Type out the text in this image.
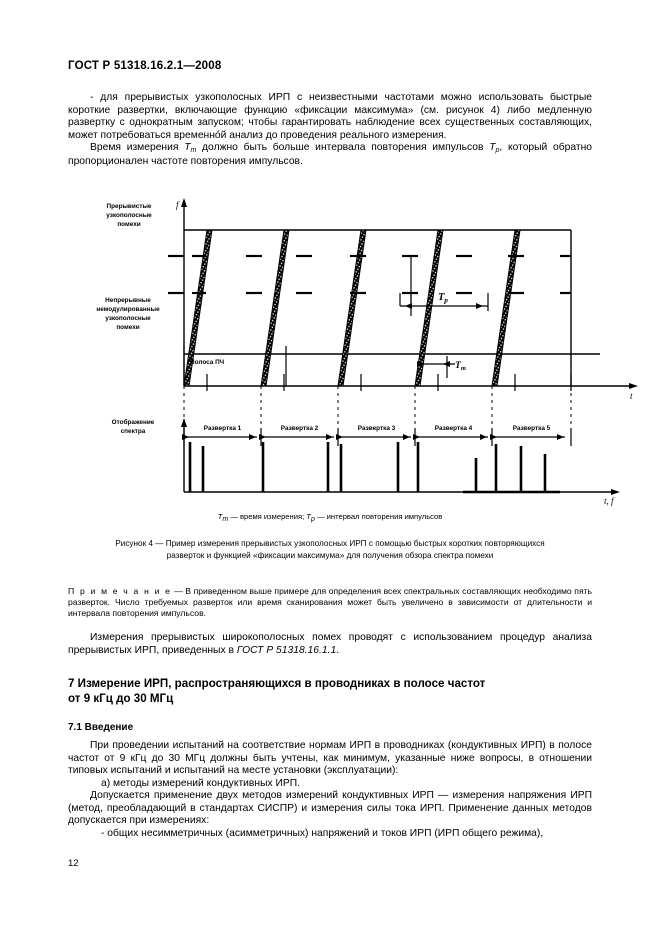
ГОСТ Р 51318.16.2.1—2008

- для прерывистых узкополосных ИРП с неизвестными частотами можно использовать быстрые короткие развертки, включающие функцию «фиксации максимума» (см. рисунок 4) либо медленную развертку с однократным запуском; чтобы гарантировать наблюдение всех существенных составляющих, может потребоваться временно́й анализ до проведения реального измерения.

Время измерения $T_m$ должно быть больше интервала повторения импульсов $T_p$, который обратно пропорционален частоте повторения импульсов.

f
t
t, f
$T_p$
$T_m$
Прерывистые
узкополосные
помехи
Непрерывные
немодулированные
узкополосные
помехи
Полоса ПЧ
Отображение
спектра	Развертка 1	Развертка 2	Развертка 3	Развертка 4	Развертка 5
$T_m$ — время измерения; $T_p$ — интервал повторения импульсов
Рисунок 4 — Пример измерения прерывистых узкополосных ИРП с помощью быстрых коротких повторяющихся
разверток и функцией «фиксации максимума» для получения обзора спектра помехи
П р и м е ч а н и е — В приведенном выше примере для определения всех спектральных составляющих необходимо пять разверток. Число требуемых разверток или время сканирования может быть увеличено в зависимости от длительности и интервала повторения импульсов.

Измерения прерывистых широкополосных помех проводят с использованием процедур анализа прерывистых ИРП, приведенных в ГОСТ Р 51318.16.1.1.

7 Измерение ИРП, распространяющихся в проводниках в полосе частот
от 9 кГц до 30 МГц
7.1 Введение

При проведении испытаний на соответствие нормам ИРП в проводниках (кондуктивных ИРП) в полосе частот от 9 кГц до 30 МГц должны быть учтены, как минимум, указанные ниже вопросы, в отношении типовых испытаний и испытаний на месте установки (эксплуатации):

a) методы измерений кондуктивных ИРП.

Допускается применение двух методов измерений кондуктивных ИРП — измерения напряжения ИРП (метод, преобладающий в стандартах СИСПР) и измерения силы тока ИРП. Применение данных методов допускается при измерениях:

- общих несимметричных (асимметричных) напряжений и токов ИРП (ИРП общего режима),

12
